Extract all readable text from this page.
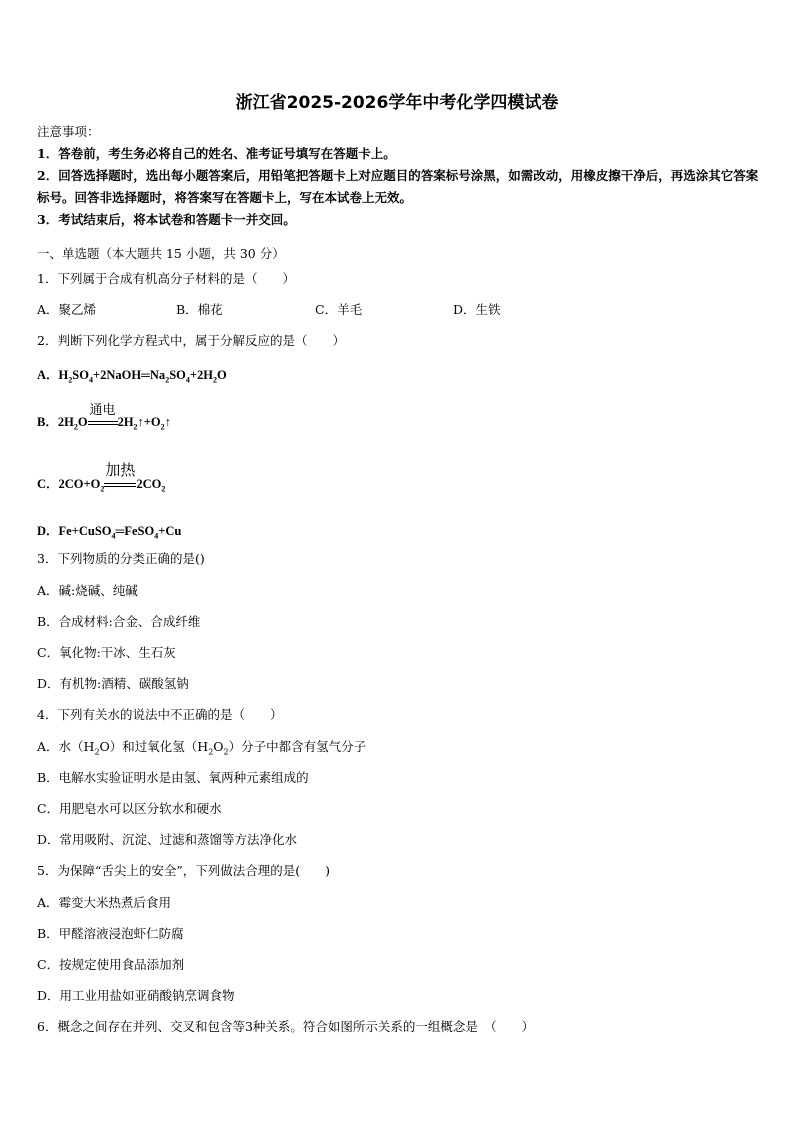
浙江省2025-2026学年中考化学四模试卷

注意事项：

1．答卷前，考生务必将自己的姓名、准考证号填写在答题卡上。

2．回答选择题时，选出每小题答案后，用铅笔把答题卡上对应题目的答案标号涂黑，如需改动，用橡皮擦干净后，再选涂其它答案标号。回答非选择题时，将答案写在答题卡上，写在本试卷上无效。

3．考试结束后，将本试卷和答题卡一并交回。

一、单选题（本大题共 15 小题，共 30 分）
1．下列属于合成有机高分子材料的是（　　）
A．聚乙烯	B．棉花	C．羊毛	D．生铁
2．判断下列化学方程式中，属于分解反应的是（　　）
A．$H_2SO_4+2NaOH═Na_2SO_4+2H_2O$
B．$2H_2O$
通电
$2H_2↑+O_2↑$
C．$2CO+O_2$
加热
$2CO_2$
D．Fe+CuSO$_4$═FeSO$_4$+Cu
3．下列物质的分类正确的是()
A．碱:烧碱、纯碱
B．合成材料:合金、合成纤维
C．氧化物:干冰、生石灰
D．有机物:酒精、碳酸氢钠
4．下列有关水的说法中不正确的是（　　）
A．水$(H_2O)$和过氧化氢$(H_2O_2)$分子中都含有氢气分子
B．电解水实验证明水是由氢、氧两种元素组成的
C．用肥皂水可以区分软水和硬水
D．常用吸附、沉淀、过滤和蒸馏等方法净化水
5．为保障“舌尖上的安全”，下列做法合理的是(　　)
A．霉变大米热煮后食用
B．甲醛溶液浸泡虾仁防腐
C．按规定使用食品添加剂
D．用工业用盐如亚硝酸钠烹调食物
6．概念之间存在并列、交叉和包含等3种关系。符合如图所示关系的一组概念是　（　　）
